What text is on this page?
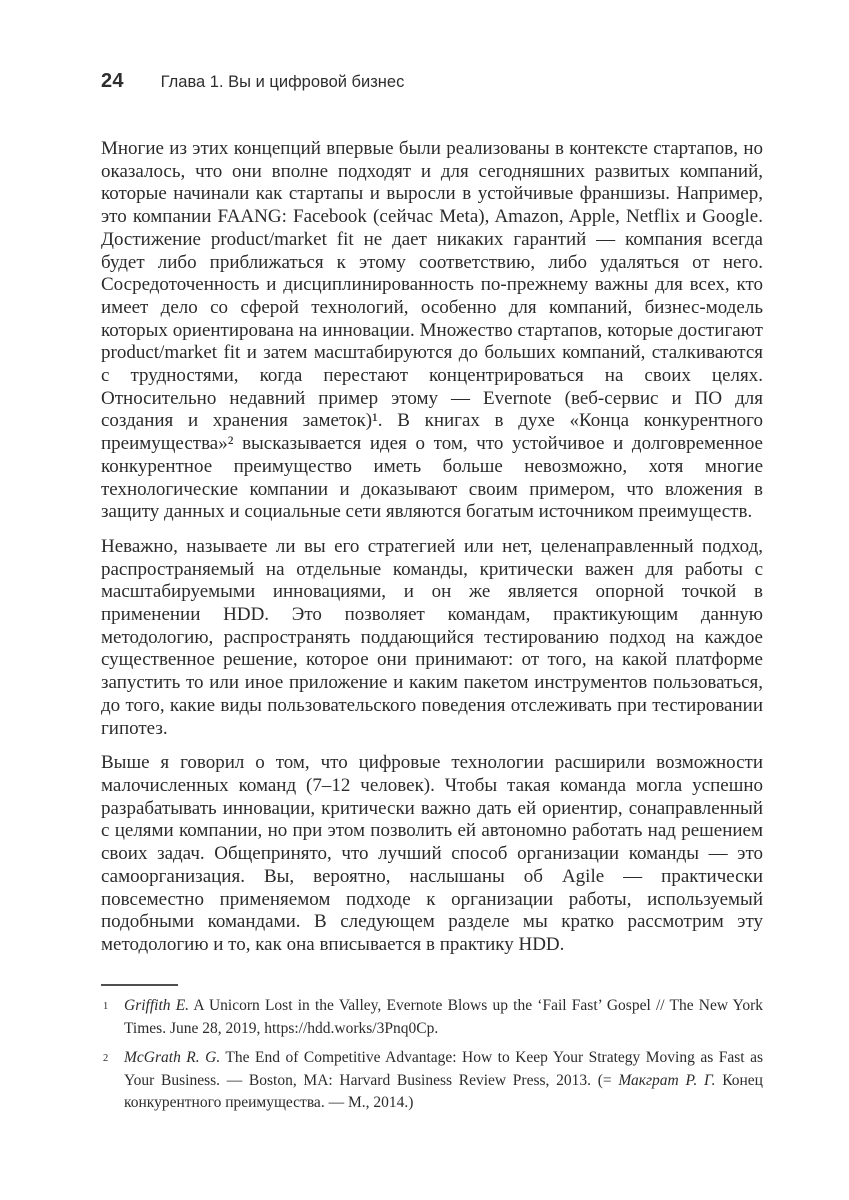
24 Глава 1. Вы и цифровой бизнес

Многие из этих концепций впервые были реализованы в контексте стартапов, но оказалось, что они вполне подходят и для сегодняшних развитых компаний, которые начинали как стартапы и выросли в устойчивые франшизы. Например, это компании FAANG: Facebook (сейчас Meta), Amazon, Apple, Netflix и Google. Достижение product/market fit не дает никаких гарантий — компания всегда будет либо приближаться к этому соответствию, либо удаляться от него. Сосредоточенность и дисциплинированность по-прежнему важны для всех, кто имеет дело со сферой технологий, особенно для компаний, бизнес-модель которых ориентирована на инновации. Множество стартапов, которые достигают product/market fit и затем масштабируются до больших компаний, сталкиваются с трудностями, когда перестают концентрироваться на своих целях. Относительно недавний пример этому — Evernote (веб-сервис и ПО для создания и хранения заметок)¹. В книгах в духе «Конца конкурентного преимущества»² высказывается идея о том, что устойчивое и долговременное конкурентное преимущество иметь больше невозможно, хотя многие технологические компании и доказывают своим примером, что вложения в защиту данных и социальные сети являются богатым источником преимуществ.

Неважно, называете ли вы его стратегией или нет, целенаправленный подход, распространяемый на отдельные команды, критически важен для работы с масштабируемыми инновациями, и он же является опорной точкой в применении HDD. Это позволяет командам, практикующим данную методологию, распространять поддающийся тестированию подход на каждое существенное решение, которое они принимают: от того, на какой платформе запустить то или иное приложение и каким пакетом инструментов пользоваться, до того, какие виды пользовательского поведения отслеживать при тестировании гипотез.

Выше я говорил о том, что цифровые технологии расширили возможности малочисленных команд (7–12 человек). Чтобы такая команда могла успешно разрабатывать инновации, критически важно дать ей ориентир, сонаправленный с целями компании, но при этом позволить ей автономно работать над решением своих задач. Общепринято, что лучший способ организации команды — это самоорганизация. Вы, вероятно, наслышаны об Agile — практически повсеместно применяемом подходе к организации работы, используемый подобными командами. В следующем разделе мы кратко рассмотрим эту методологию и то, как она вписывается в практику HDD.

1 Griffith E. A Unicorn Lost in the Valley, Evernote Blows up the ‘Fail Fast’ Gospel // The New York Times. June 28, 2019, https://hdd.works/3Pnq0Cp.
2 McGrath R. G. The End of Competitive Advantage: How to Keep Your Strategy Moving as Fast as Your Business. — Boston, MA: Harvard Business Review Press, 2013. (= Макграт Р. Г. Конец конкурентного преимущества. — М., 2014.)
